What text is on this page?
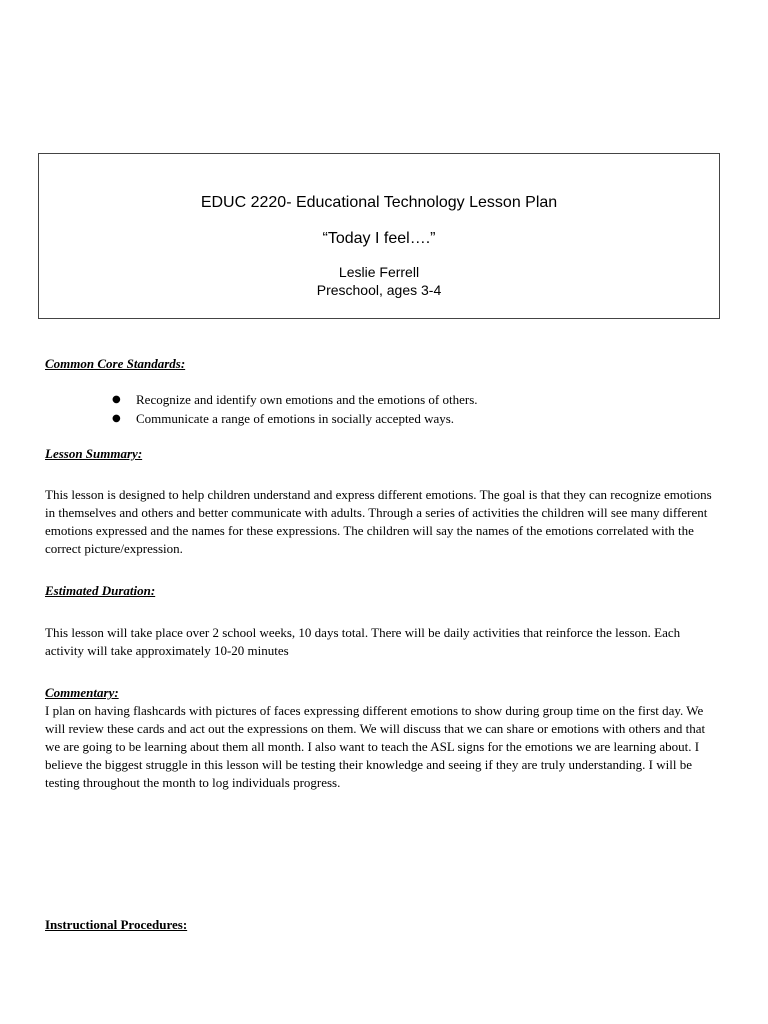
EDUC 2220- Educational Technology Lesson Plan
“Today I feel….”
Leslie Ferrell
Preschool, ages 3-4
Common Core Standards:
● Recognize and identify own emotions and the emotions of others.
● Communicate a range of emotions in socially accepted ways.
Lesson Summary:
This lesson is designed to help children understand and express different emotions. The goal is that they can recognize emotions in themselves and others and better communicate with adults. Through a series of activities the children will see many different emotions expressed and the names for these expressions. The children will say the names of the emotions correlated with the correct picture/expression.
Estimated Duration:
This lesson will take place over 2 school weeks, 10 days total. There will be daily activities that reinforce the lesson. Each activity will take approximately 10-20 minutes
Commentary:
I plan on having flashcards with pictures of faces expressing different emotions to show during group time on the first day. We will review these cards and act out the expressions on them. We will discuss that we can share or emotions with others and that we are going to be learning about them all month. I also want to teach the ASL signs for the emotions we are learning about. I believe the biggest struggle in this lesson will be testing their knowledge and seeing if they are truly understanding. I will be testing throughout the month to log individuals progress.
Instructional Procedures:
